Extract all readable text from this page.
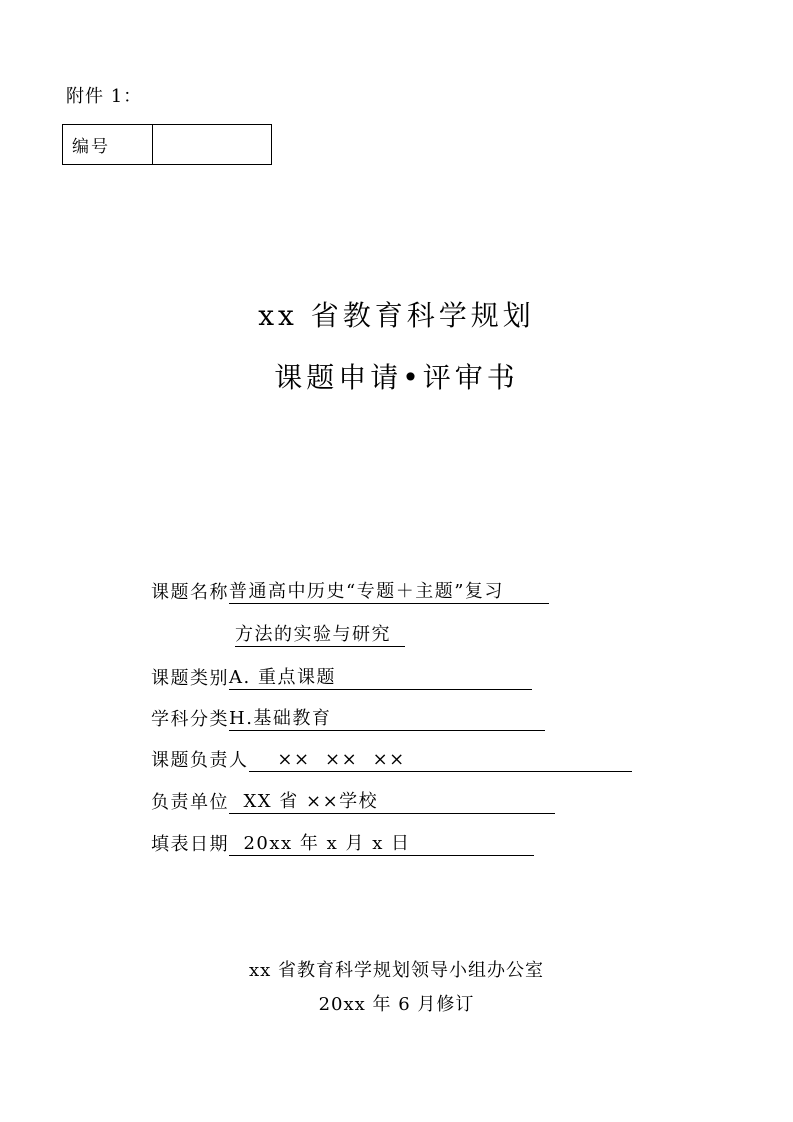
附件 1：
编号
xx 省教育科学规划
课题申请•评审书
课题名称 普通高中历史“专题＋主题”复习
方法的实验与研究
课题类别 A. 重点课题
学科分类 H.基础教育
课题负责人 ××  ××  ××
负责单位 XX 省 ××学校
填表日期 20xx 年 x 月 x 日
xx 省教育科学规划领导小组办公室
20xx 年 6 月修订
